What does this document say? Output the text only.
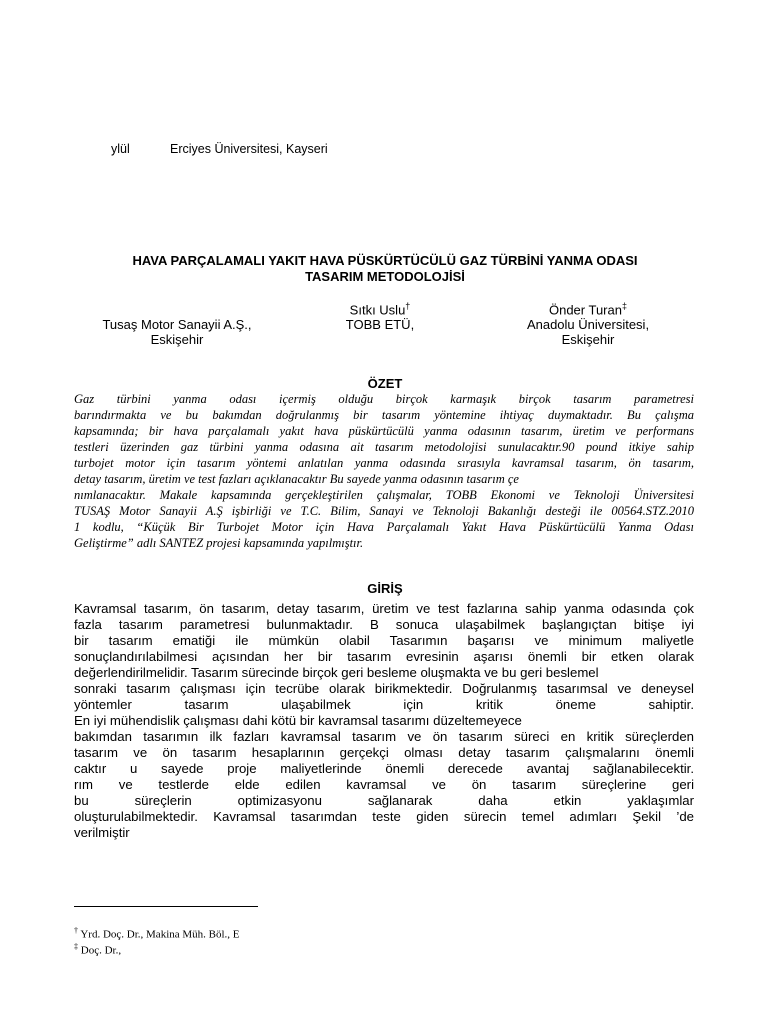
ylül	Erciyes Üniversitesi, Kayseri
HAVA PARÇALAMALI YAKIT HAVA PÜSKÜRTÜCÜLÜ GAZ TÜRBİNİ YANMA ODASI
TASARIM METODOLOJİSİ
Tusaş Motor Sanayii A.Ş.,
Eskişehir
Sıtkı Uslu†
TOBB ETÜ,
Önder Turan‡
Anadolu Üniversitesi,
Eskişehir
ÖZET
Gaz türbini yanma odası içermiş olduğu birçok karmaşık birçok tasarım parametresi
barındırmakta ve bu bakımdan doğrulanmış bir tasarım yöntemine ihtiyaç duymaktadır. Bu çalışma
kapsamında; bir hava parçalamalı yakıt hava püskürtücülü yanma odasının tasarım, üretim ve performans
testleri üzerinden gaz türbini yanma odasına ait tasarım metodolojisi sunulacaktır.90 pound itkiye sahip
turbojet motor için tasarım yöntemi anlatılan yanma odasında sırasıyla kavramsal tasarım, ön tasarım,
detay tasarım, üretim ve test fazları açıklanacaktır Bu sayede yanma odasının tasarım çe
nımlanacaktır. Makale kapsamında gerçekleştirilen çalışmalar, TOBB Ekonomi ve Teknoloji Üniversitesi
TUSAŞ Motor Sanayii A.Ş işbirliği ve T.C. Bilim, Sanayi ve Teknoloji Bakanlığı desteği ile 00564.STZ.2010
1 kodlu, “Küçük Bir Turbojet Motor için Hava Parçalamalı Yakıt Hava Püskürtücülü Yanma Odası
Geliştirme” adlı SANTEZ projesi kapsamında yapılmıştır.
GİRİŞ
Kavramsal tasarım, ön tasarım, detay tasarım, üretim ve test fazlarına sahip yanma odasında çok
fazla tasarım parametresi bulunmaktadır. B sonuca ulaşabilmek başlangıçtan bitişe iyi
bir tasarım ematiği ile mümkün olabil Tasarımın başarısı ve minimum maliyetle
sonuçlandırılabilmesi açısından her bir tasarım evresinin aşarısı önemli bir etken olarak
değerlendirilmelidir. Tasarım sürecinde birçok geri besleme oluşmakta ve bu geri beslemel
sonraki tasarım çalışması için tecrübe olarak birikmektedir. Doğrulanmış tasarımsal ve deneysel
yöntemler tasarım ulaşabilmek için kritik öneme sahiptir.
En iyi mühendislik çalışması dahi kötü bir kavramsal tasarımı düzeltemeyece
bakımdan tasarımın ilk fazları kavramsal tasarım ve ön tasarım süreci en kritik süreçlerden
tasarım ve ön tasarım hesaplarının gerçekçi olması detay tasarım çalışmalarını önemli
caktır u sayede proje maliyetlerinde önemli derecede avantaj sağlanabilecektir.
rım ve testlerde elde edilen kavramsal ve ön tasarım süreçlerine geri
bu süreçlerin optimizasyonu sağlanarak daha etkin yaklaşımlar
oluşturulabilmektedir. Kavramsal tasarımdan teste giden sürecin temel adımları Şekil ’de
verilmiştir
† Yrd. Doç. Dr., Makina Müh. Böl., E
‡ Doç. Dr.,
